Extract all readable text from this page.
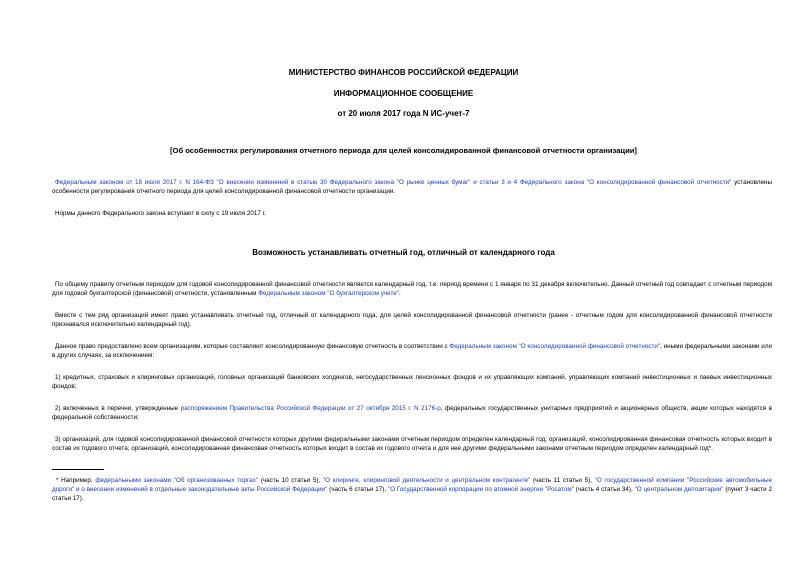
МИНИСТЕРСТВО ФИНАНСОВ РОССИЙСКОЙ ФЕДЕРАЦИИ
ИНФОРМАЦИОННОЕ СООБЩЕНИЕ
от 20 июля 2017 года N ИС-учет-7
[Об особенностях регулирования отчетного периода для целей консолидированной финансовой отчетности организации]
Федеральным законом от 18 июля 2017 г. N 164-ФЗ "О внесении изменений в статью 30 Федерального закона "О рынке ценных бумаг" и статьи 3 и 4 Федерального закона "О консолидированной финансовой отчетности" установлены особенности регулирования отчетного периода для целей консолидированной финансовой отчетности организации.
Нормы данного Федерального закона вступают в силу с 19 июля 2017 г.
Возможность устанавливать отчетный год, отличный от календарного года
По общему правилу отчетным периодом для годовой консолидированной финансовой отчетности является календарный год, т.е. период времени с 1 января по 31 декабря включительно. Данный отчетный год совпадает с отчетным периодом для годовой бухгалтерской (финансовой) отчетности, установленным Федеральным законом "О бухгалтерском учете".
Вместе с тем ряд организаций имеет право устанавливать отчетный год, отличный от календарного года, для целей консолидированной финансовой отчетности (ранее - отчетным годом для консолидированной финансовой отчетности признавался исключительно календарный год).
Данное право предоставлено всем организациям, которые составляют консолидированную финансовую отчетность в соответствии с Федеральным законом "О консолидированной финансовой отчетности", иными федеральными законами или в других случаях, за исключением:
1) кредитных, страховых и клиринговых организаций, головных организаций банковских холдингов, негосударственных пенсионных фондов и их управляющих компаний, управляющих компаний инвестиционных и паевых инвестиционных фондов;
2) включенных в перечни, утвержденные распоряжением Правительства Российской Федерации от 27 октября 2015 г. N 2176-р, федеральных государственных унитарных предприятий и акционерных обществ, акции которых находятся в федеральной собственности;
3) организаций, для годовой консолидированной финансовой отчетности которых другими федеральными законами отчетным периодом определен календарный год; организаций, консолидированная финансовая отчетность которых входит в состав их годового отчета; организаций, консолидированная финансовая отчетность которых входит в состав их годового отчета и для нее другими федеральными законами отчетным периодом определен календарный год*.
* Например, федеральными законами "Об организованных торгах" (часть 10 статьи 5), "О клиринге, клиринговой деятельности и центральном контрагенте" (часть 11 статьи 5), "О государственной компании "Российские автомобильные дороги" и о внесении изменений в отдельные законодательные акты Российской Федерации" (часть 6 статьи 17), "О Государственной корпорации по атомной энергии "Росатом" (часть 4 статьи 34), "О центральном депозитарии" (пункт 3 части 2 статьи 17).
